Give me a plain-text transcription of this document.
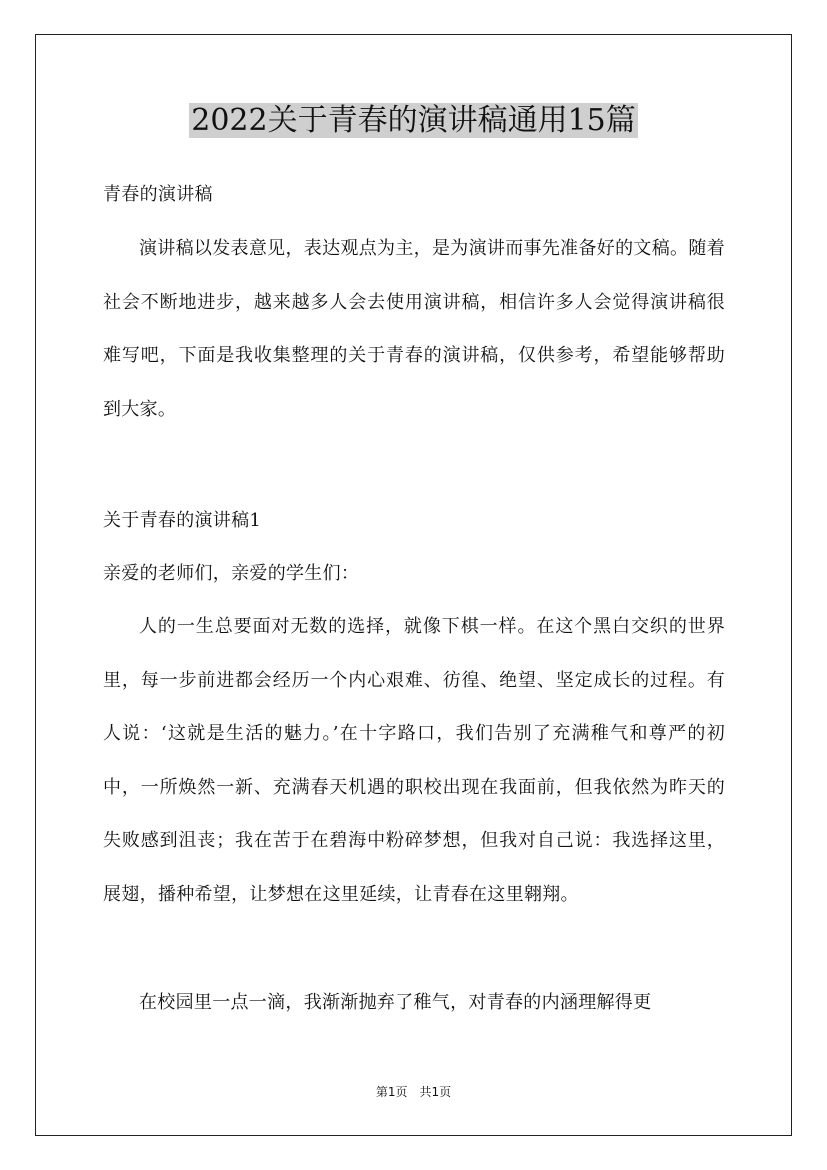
2022关于青春的演讲稿通用15篇
青春的演讲稿
演讲稿以发表意见，表达观点为主，是为演讲而事先准备好的文稿。随着社会不断地进步，越来越多人会去使用演讲稿，相信许多人会觉得演讲稿很难写吧，下面是我收集整理的关于青春的演讲稿，仅供参考，希望能够帮助到大家。
关于青春的演讲稿1
亲爱的老师们，亲爱的学生们：
人的一生总要面对无数的选择，就像下棋一样。在这个黑白交织的世界里，每一步前进都会经历一个内心艰难、彷徨、绝望、坚定成长的过程。有人说：‘这就是生活的魅力。’在十字路口，我们告别了充满稚气和尊严的初中，一所焕然一新、充满春天机遇的职校出现在我面前，但我依然为昨天的失败感到沮丧；我在苦于在碧海中粉碎梦想，但我对自己说：我选择这里，展翅，播种希望，让梦想在这里延续，让青春在这里翱翔。
在校园里一点一滴，我渐渐抛弃了稚气，对青春的内涵理解得更
第1页　共1页
